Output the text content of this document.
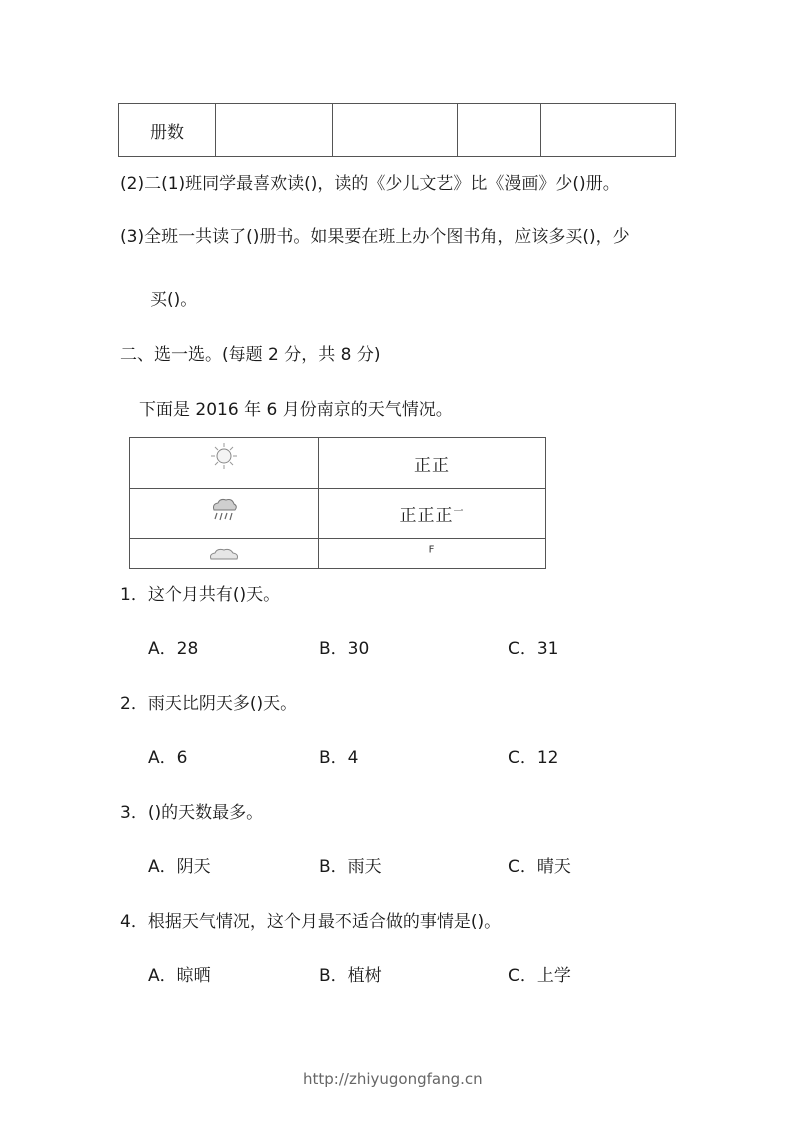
册数				
(2)二(1)班同学最喜欢读()，读的《少儿文艺》比《漫画》少()册。
(3)全班一共读了()册书。如果要在班上办个图书角，应该多买()，少
买()。
二、选一选。(每题 2 分，共 8 分)
下面是 2016 年 6 月份南京的天气情况。
	正正

	正正正$^一$

	$^F$
1．这个月共有()天。
A．28	B．30	C．31
2．雨天比阴天多()天。
A．6	B．4	C．12
3．()的天数最多。
A．阴天	B．雨天	C．晴天
4．根据天气情况，这个月最不适合做的事情是()。
A．晾晒	B．植树	C．上学
http://zhiyugongfang.cn
